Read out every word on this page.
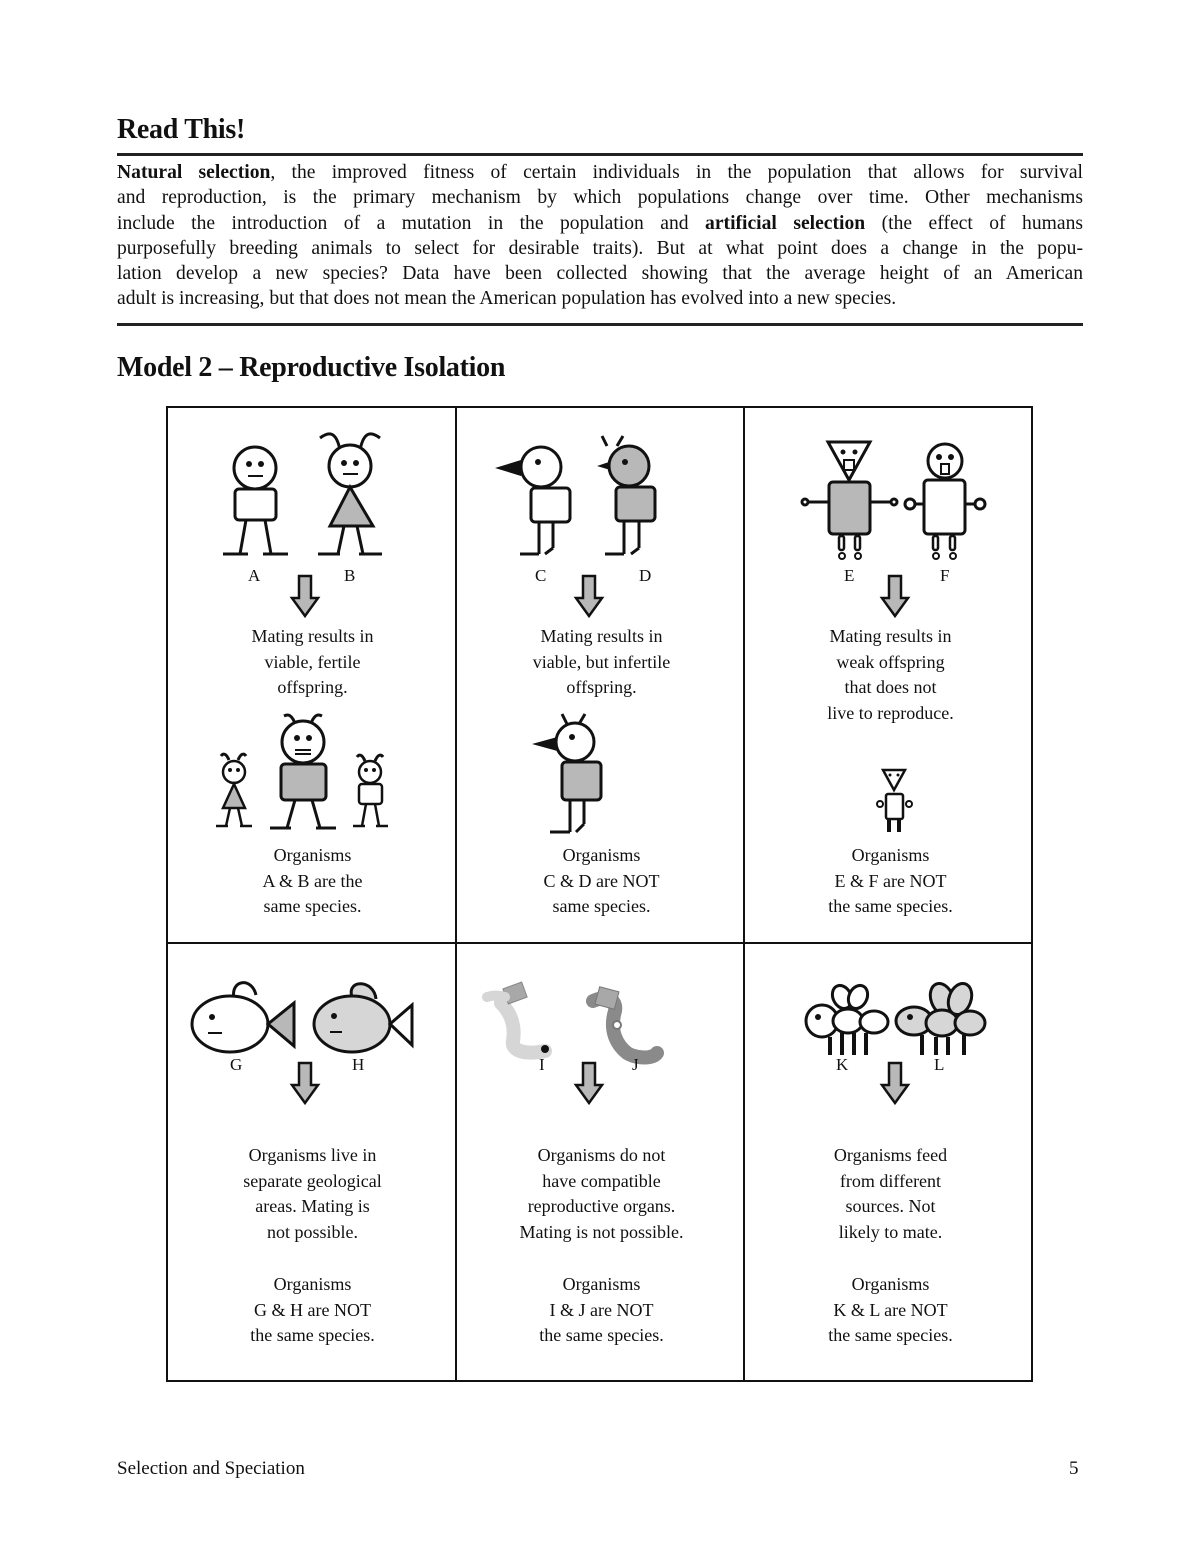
Read This!
Natural selection, the improved fitness of certain individuals in the population that allows for survival
and reproduction, is the primary mechanism by which populations change over time. Other mechanisms
include the introduction of a mutation in the population and artificial selection (the effect of humans
purposefully breeding animals to select for desirable traits). But at what point does a change in the popu-
lation develop a new species? Data have been collected showing that the average height of an American
adult is increasing, but that does not mean the American population has evolved into a new species.
Model 2 – Reproductive Isolation
A	B
Mating results in
viable, fertile
offspring.
Organisms
A & B are the
same species.
C	D
Mating results in
viable, but infertile
offspring.
Organisms
C & D are NOT
same species.
E	F
Mating results in
weak offspring
that does not
live to reproduce.
Organisms
E & F are NOT
the same species.
G	H
Organisms live in
separate geological
areas. Mating is
not possible.
Organisms
G & H are NOT
the same species.
I	J
Organisms do not
have compatible
reproductive organs.
Mating is not possible.
Organisms
I & J are NOT
the same species.
K	L
Organisms feed
from different
sources. Not
likely to mate.
Organisms
K & L are NOT
the same species.
Selection and Speciation	5
